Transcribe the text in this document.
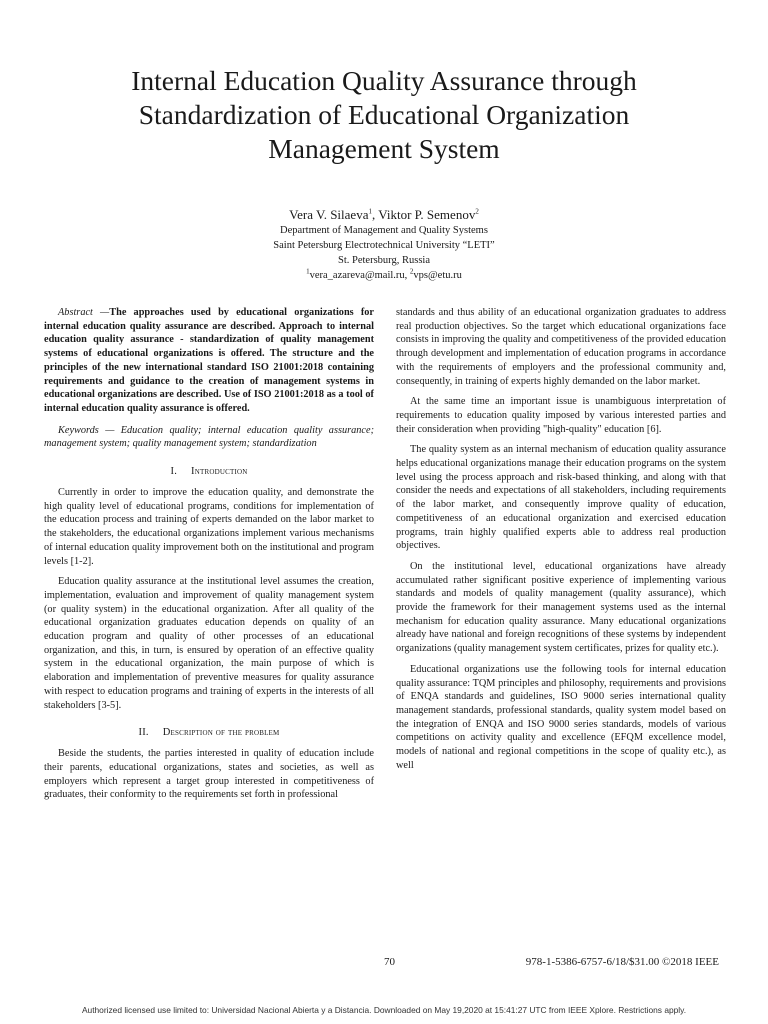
Internal Education Quality Assurance through
Standardization of Educational Organization
Management System
Vera V. Silaeva$^1$, Viktor P. Semenov$^2$
Department of Management and Quality Systems
Saint Petersburg Electrotechnical University “LETI”
St. Petersburg, Russia
$^1$vera_azareva@mail.ru, $^2$vps@etu.ru

Abstract —The approaches used by educational organizations for internal education quality assurance are described. Approach to internal education quality assurance - standardization of quality management systems of educational organizations is offered. The structure and the principles of the new international standard ISO 21001:2018 containing requirements and guidance to the creation of management systems in educational organizations are described. Use of ISO 21001:2018 as a tool of internal education quality assurance is offered.

Keywords — Education quality; internal education quality assurance; management system; quality management system; standardization

I. Introduction

Currently in order to improve the education quality, and demonstrate the high quality level of educational programs, conditions for implementation of the education process and training of experts demanded on the labor market to the stakeholders, the educational organizations implement various mechanisms of internal education quality improvement both on the institutional and program levels [1-2].

Education quality assurance at the institutional level assumes the creation, implementation, evaluation and improvement of quality management system (or quality system) in the educational organization. After all quality of the educational organization graduates education depends on quality of an education program and quality of other processes of an educational organization, and this, in turn, is ensured by operation of an effective quality system in the educational organization, the main purpose of which is elaboration and implementation of preventive measures for quality assurance with respect to education programs and training of experts in the interests of all stakeholders [3-5].

II. Description of the problem

Beside the students, the parties interested in quality of education include their parents, educational organizations, states and societies, as well as employers which represent a target group interested in competitiveness of graduates, their conformity to the requirements set forth in professional

standards and thus ability of an educational organization graduates to address real production objectives. So the target which educational organizations face consists in improving the quality and competitiveness of the provided education through development and implementation of education programs in accordance with the requirements of employers and the professional community and, consequently, in training of experts highly demanded on the labor market.

At the same time an important issue is unambiguous interpretation of requirements to education quality imposed by various interested parties and their consideration when providing "high-quality" education [6].

The quality system as an internal mechanism of education quality assurance helps educational organizations manage their education programs on the system level using the process approach and risk-based thinking, and along with that consider the needs and expectations of all stakeholders, including requirements of the labor market, and consequently improve quality of education, competitiveness of an educational organization and exercised education programs, train highly qualified experts able to address real production objectives.

On the institutional level, educational organizations have already accumulated rather significant positive experience of implementing various standards and models of quality management (quality assurance), which provide the framework for their management systems used as the internal mechanism for education quality assurance. Many educational organizations already have national and foreign recognitions of these systems by independent organizations (quality management system certificates, prizes for quality etc.).

Educational organizations use the following tools for internal education quality assurance: TQM principles and philosophy, requirements and provisions of ENQA standards and guidelines, ISO 9000 series international quality management standards, professional standards, quality system model based on the integration of ENQA and ISO 9000 series standards, models of various competitions on activity quality and excellence (EFQM excellence model, models of national and regional competitions in the scope of quality etc.), as well

70	978-1-5386-6757-6/18/$31.00 ©2018 IEEE
Authorized licensed use limited to: Universidad Nacional Abierta y a Distancia. Downloaded on May 19,2020 at 15:41:27 UTC from IEEE Xplore. Restrictions apply.
